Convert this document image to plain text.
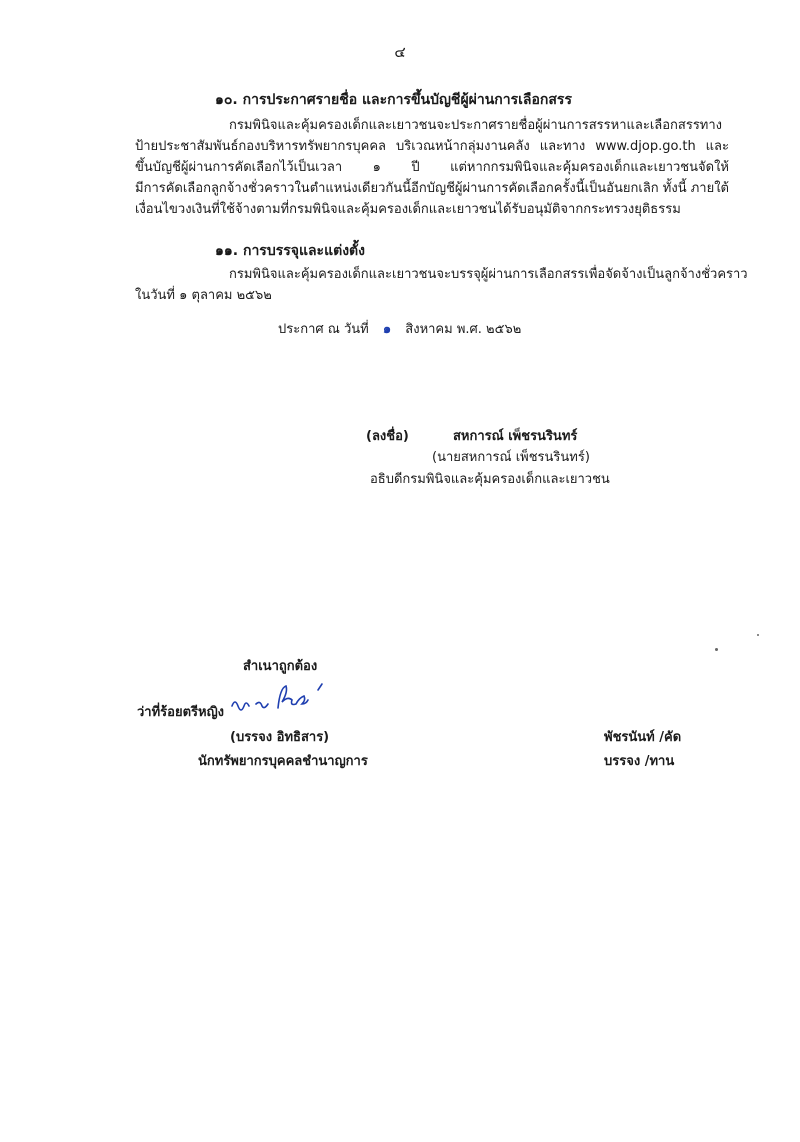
๔
๑๐. การประกาศรายชื่อ และการขึ้นบัญชีผู้ผ่านการเลือกสรร
กรมพินิจและคุ้มครองเด็กและเยาวชนจะประกาศรายชื่อผู้ผ่านการสรรหาและเลือกสรรทาง
ป้ายประชาสัมพันธ์กองบริหารทรัพยากรบุคคล บริเวณหน้ากลุ่มงานคลัง และทาง www.djop.go.th และ
ขึ้นบัญชีผู้ผ่านการคัดเลือกไว้เป็นเวลา ๑ ปี แต่หากกรมพินิจและคุ้มครองเด็กและเยาวชนจัดให้
มีการคัดเลือกลูกจ้างชั่วคราวในตำแหน่งเดียวกันนี้อีกบัญชีผู้ผ่านการคัดเลือกครั้งนี้เป็นอันยกเลิก ทั้งนี้ ภายใต้
เงื่อนไขวงเงินที่ใช้จ้างตามที่กรมพินิจและคุ้มครองเด็กและเยาวชนได้รับอนุมัติจากกระทรวงยุติธรรม
๑๑. การบรรจุและแต่งตั้ง
กรมพินิจและคุ้มครองเด็กและเยาวชนจะบรรจุผู้ผ่านการเลือกสรรเพื่อจัดจ้างเป็นลูกจ้างชั่วคราว
ในวันที่ ๑ ตุลาคม ๒๕๖๒
ประกาศ ณ วันที่ ๑ สิงหาคม พ.ศ. ๒๕๖๒
(ลงชื่อ)	สหการณ์ เพ็ชรนรินทร์
(นายสหการณ์ เพ็ชรนรินทร์)
อธิบดีกรมพินิจและคุ้มครองเด็กและเยาวชน
สำเนาถูกต้อง
ว่าที่ร้อยตรีหญิง
(บรรจง อิทธิสาร)
นักทรัพยากรบุคคลชำนาญการ
พัชรนันท์ /คัด
บรรจง /ทาน
